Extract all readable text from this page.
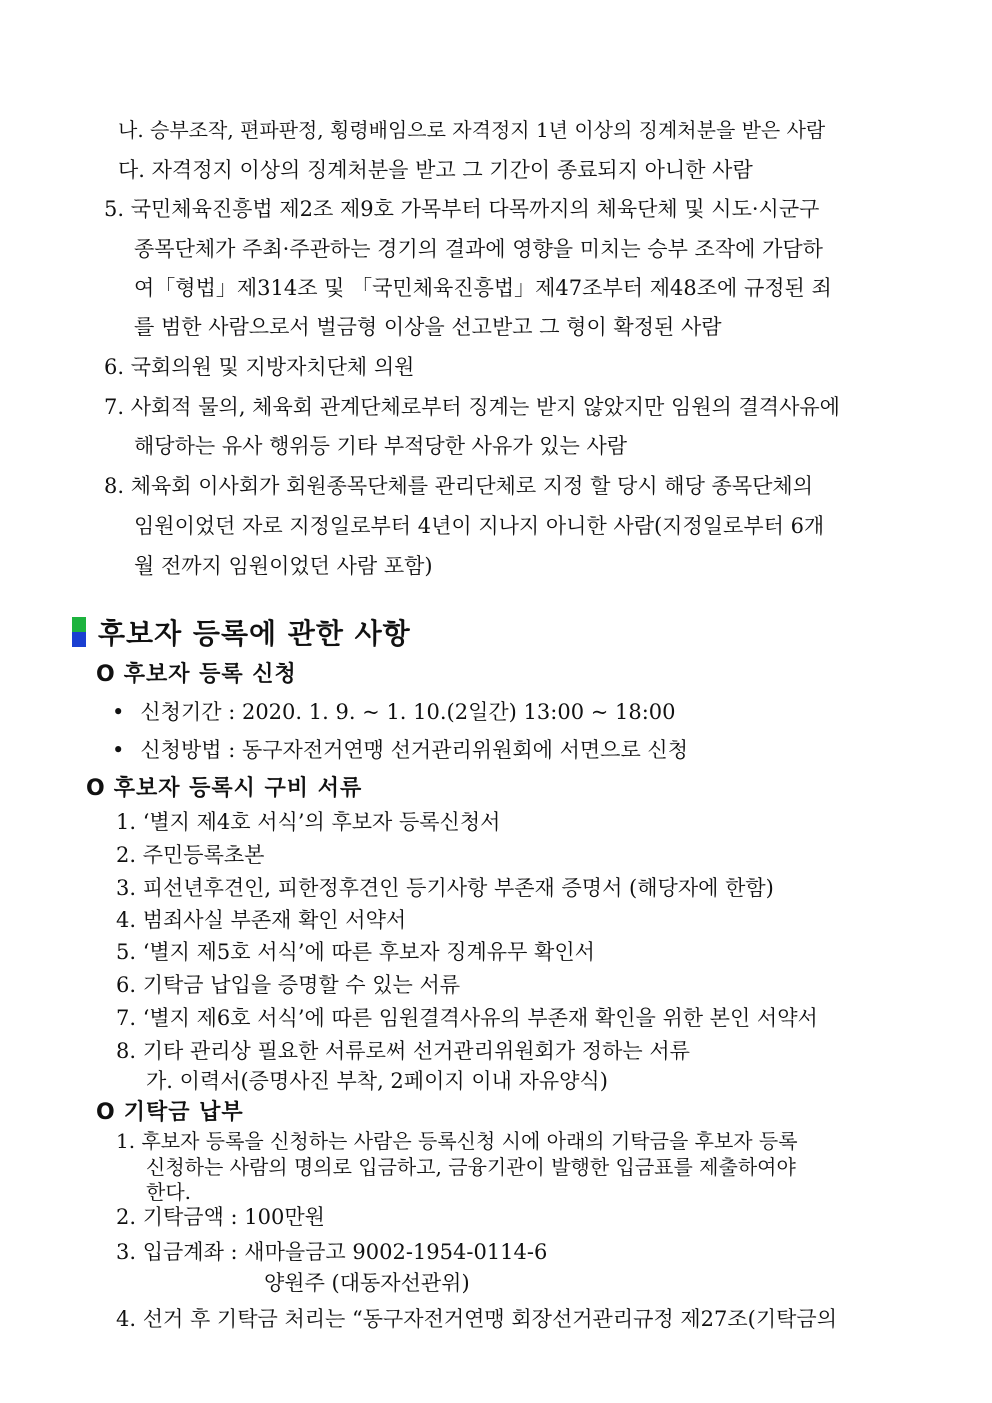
나. 승부조작, 편파판정, 횡령배임으로 자격정지 1년 이상의 징계처분을 받은 사람
다. 자격정지 이상의 징계처분을 받고 그 기간이 종료되지 아니한 사람
5. 국민체육진흥법 제2조 제9호 가목부터 다목까지의 체육단체 및 시도·시군구
종목단체가 주최·주관하는 경기의 결과에 영향을 미치는 승부 조작에 가담하
여「형법」제314조 및 「국민체육진흥법」제47조부터 제48조에 규정된 죄
를 범한 사람으로서 벌금형 이상을 선고받고 그 형이 확정된 사람
6. 국회의원 및 지방자치단체 의원
7. 사회적 물의, 체육회 관계단체로부터 징계는 받지 않았지만 임원의 결격사유에
해당하는 유사 행위등 기타 부적당한 사유가 있는 사람
8. 체육회 이사회가 회원종목단체를 관리단체로 지정 할 당시 해당 종목단체의
임원이었던 자로 지정일로부터 4년이 지나지 아니한 사람(지정일로부터 6개
월 전까지 임원이었던 사람 포함)
후보자 등록에 관한 사항
O 후보자 등록 신청
• 신청기간 : 2020. 1. 9. ~ 1. 10.(2일간) 13:00 ~ 18:00
• 신청방법 : 동구자전거연맹 선거관리위원회에 서면으로 신청
O 후보자 등록시 구비 서류
1. ‘별지 제4호 서식’의 후보자 등록신청서
2. 주민등록초본
3. 피선년후견인, 피한정후견인 등기사항 부존재 증명서 (해당자에 한함)
4. 범죄사실 부존재 확인 서약서
5. ‘별지 제5호 서식’에 따른 후보자 징계유무 확인서
6. 기탁금 납입을 증명할 수 있는 서류
7. ‘별지 제6호 서식’에 따른 임원결격사유의 부존재 확인을 위한 본인 서약서
8. 기타 관리상 필요한 서류로써 선거관리위원회가 정하는 서류
가. 이력서(증명사진 부착, 2페이지 이내 자유양식)
O 기탁금 납부
1. 후보자 등록을 신청하는 사람은 등록신청 시에 아래의 기탁금을 후보자 등록
신청하는 사람의 명의로 입금하고, 금융기관이 발행한 입금표를 제출하여야
한다.
2. 기탁금액 : 100만원
3. 입금계좌 : 새마을금고 9002-1954-0114-6
양원주 (대동자선관위)
4. 선거 후 기탁금 처리는 “동구자전거연맹 회장선거관리규정 제27조(기탁금의
